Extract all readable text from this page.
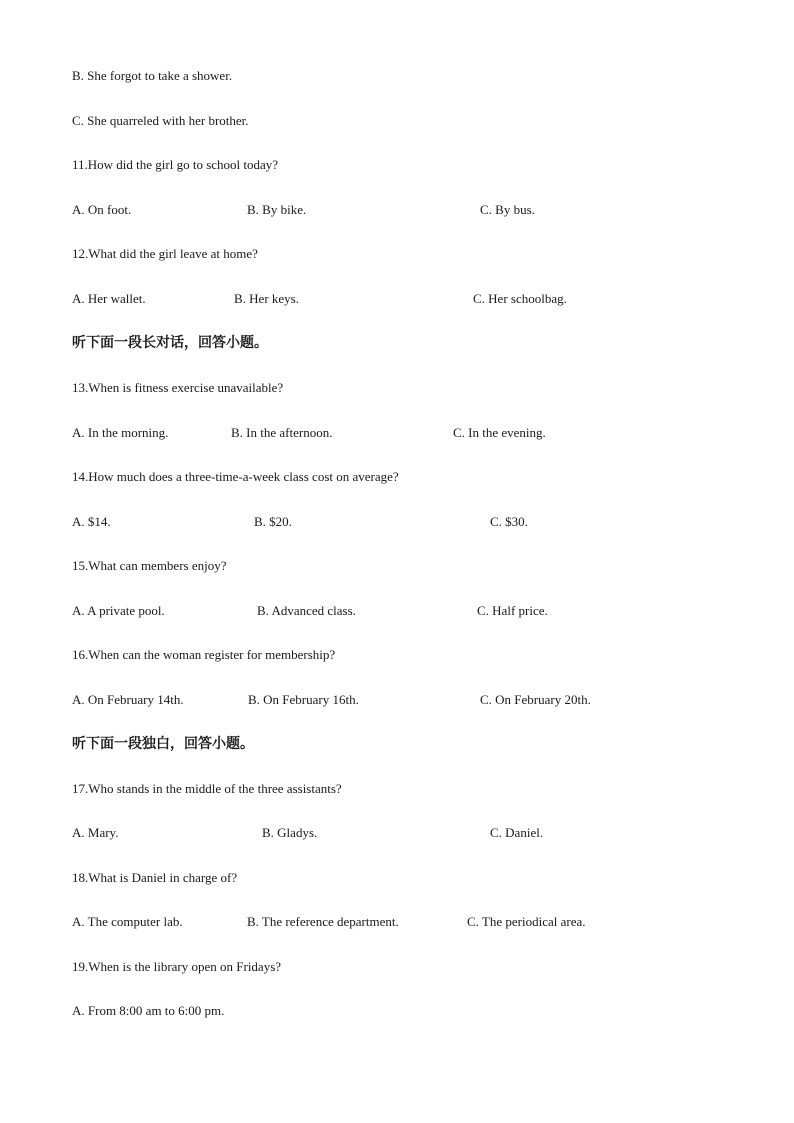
B. She forgot to take a shower.
C. She quarreled with her brother.
11.How did the girl go to school today?
A. On foot.	B. By bike.	C. By bus.
12.What did the girl leave at home?
A. Her wallet.	B. Her keys.	C. Her schoolbag.
听下面一段长对话，回答小题。
13.When is fitness exercise unavailable?
A. In the morning.	B. In the afternoon.	C. In the evening.
14.How much does a three-time-a-week class cost on average?
A. $14.	B. $20.	C. $30.
15.What can members enjoy?
A. A private pool.	B. Advanced class.	C. Half price.
16.When can the woman register for membership?
A. On February 14th.	B. On February 16th.	C. On February 20th.
听下面一段独白，回答小题。
17.Who stands in the middle of the three assistants?
A. Mary.	B. Gladys.	C. Daniel.
18.What is Daniel in charge of?
A. The computer lab.	B. The reference department.	C. The periodical area.
19.When is the library open on Fridays?
A. From 8:00 am to 6:00 pm.
